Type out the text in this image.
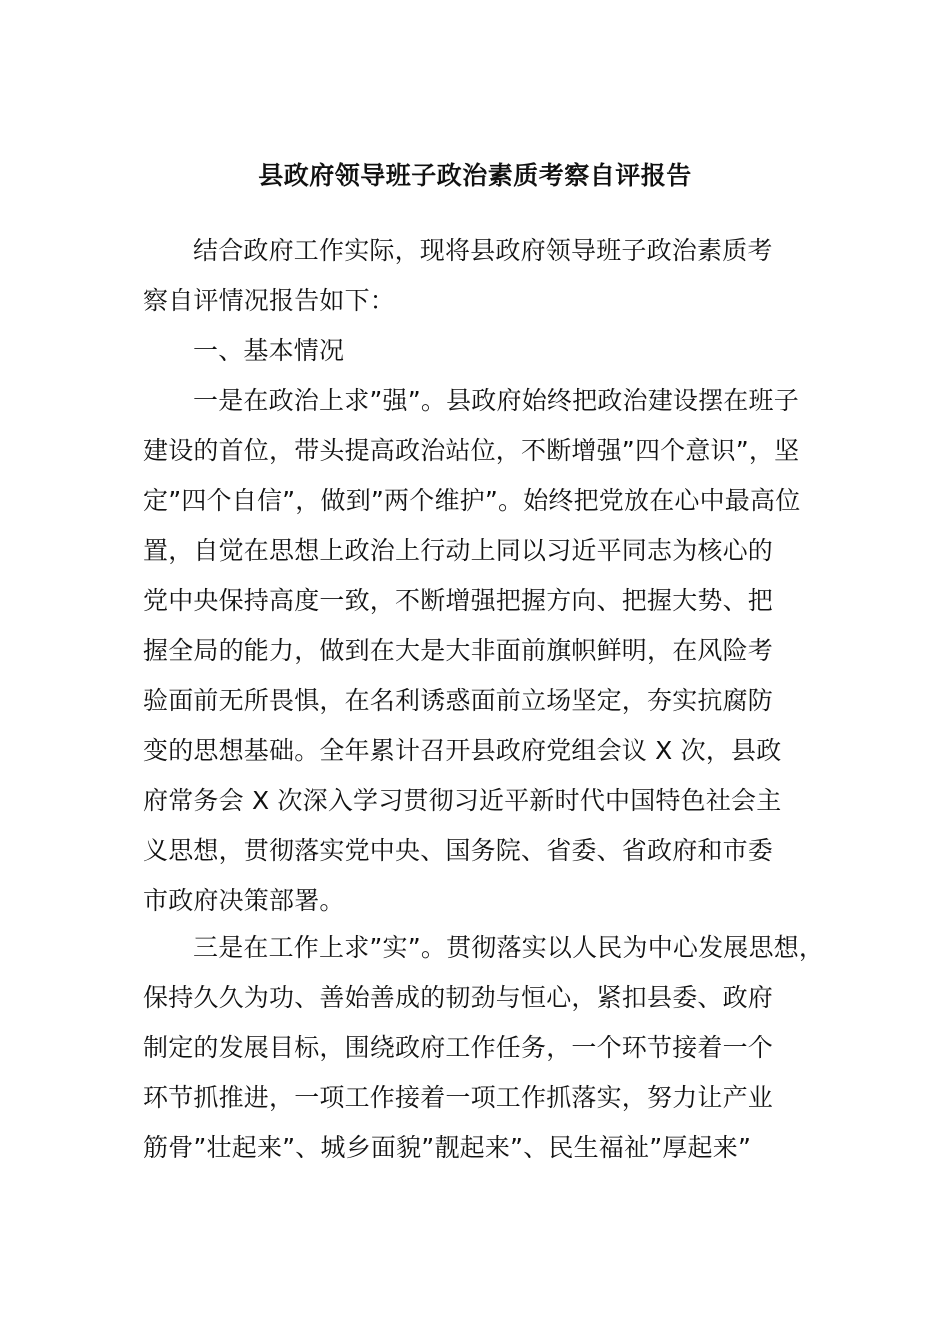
县政府领导班子政治素质考察自评报告
结合政府工作实际，现将县政府领导班子政治素质考
察自评情况报告如下：
一、基本情况
一是在政治上求”强”。县政府始终把政治建设摆在班子
建设的首位，带头提高政治站位，不断增强”四个意识”，坚
定”四个自信”，做到”两个维护”。始终把党放在心中最高位
置，自觉在思想上政治上行动上同以习近平同志为核心的
党中央保持高度一致，不断增强把握方向、把握大势、把
握全局的能力，做到在大是大非面前旗帜鲜明，在风险考
验面前无所畏惧，在名利诱惑面前立场坚定，夯实抗腐防
变的思想基础。全年累计召开县政府党组会议 X 次，县政
府常务会 X 次深入学习贯彻习近平新时代中国特色社会主
义思想，贯彻落实党中央、国务院、省委、省政府和市委
市政府决策部署。
三是在工作上求”实”。贯彻落实以人民为中心发展思想，
保持久久为功、善始善成的韧劲与恒心，紧扣县委、政府
制定的发展目标，围绕政府工作任务，一个环节接着一个
环节抓推进，一项工作接着一项工作抓落实，努力让产业
筋骨”壮起来”、城乡面貌”靓起来”、民生福祉”厚起来”
